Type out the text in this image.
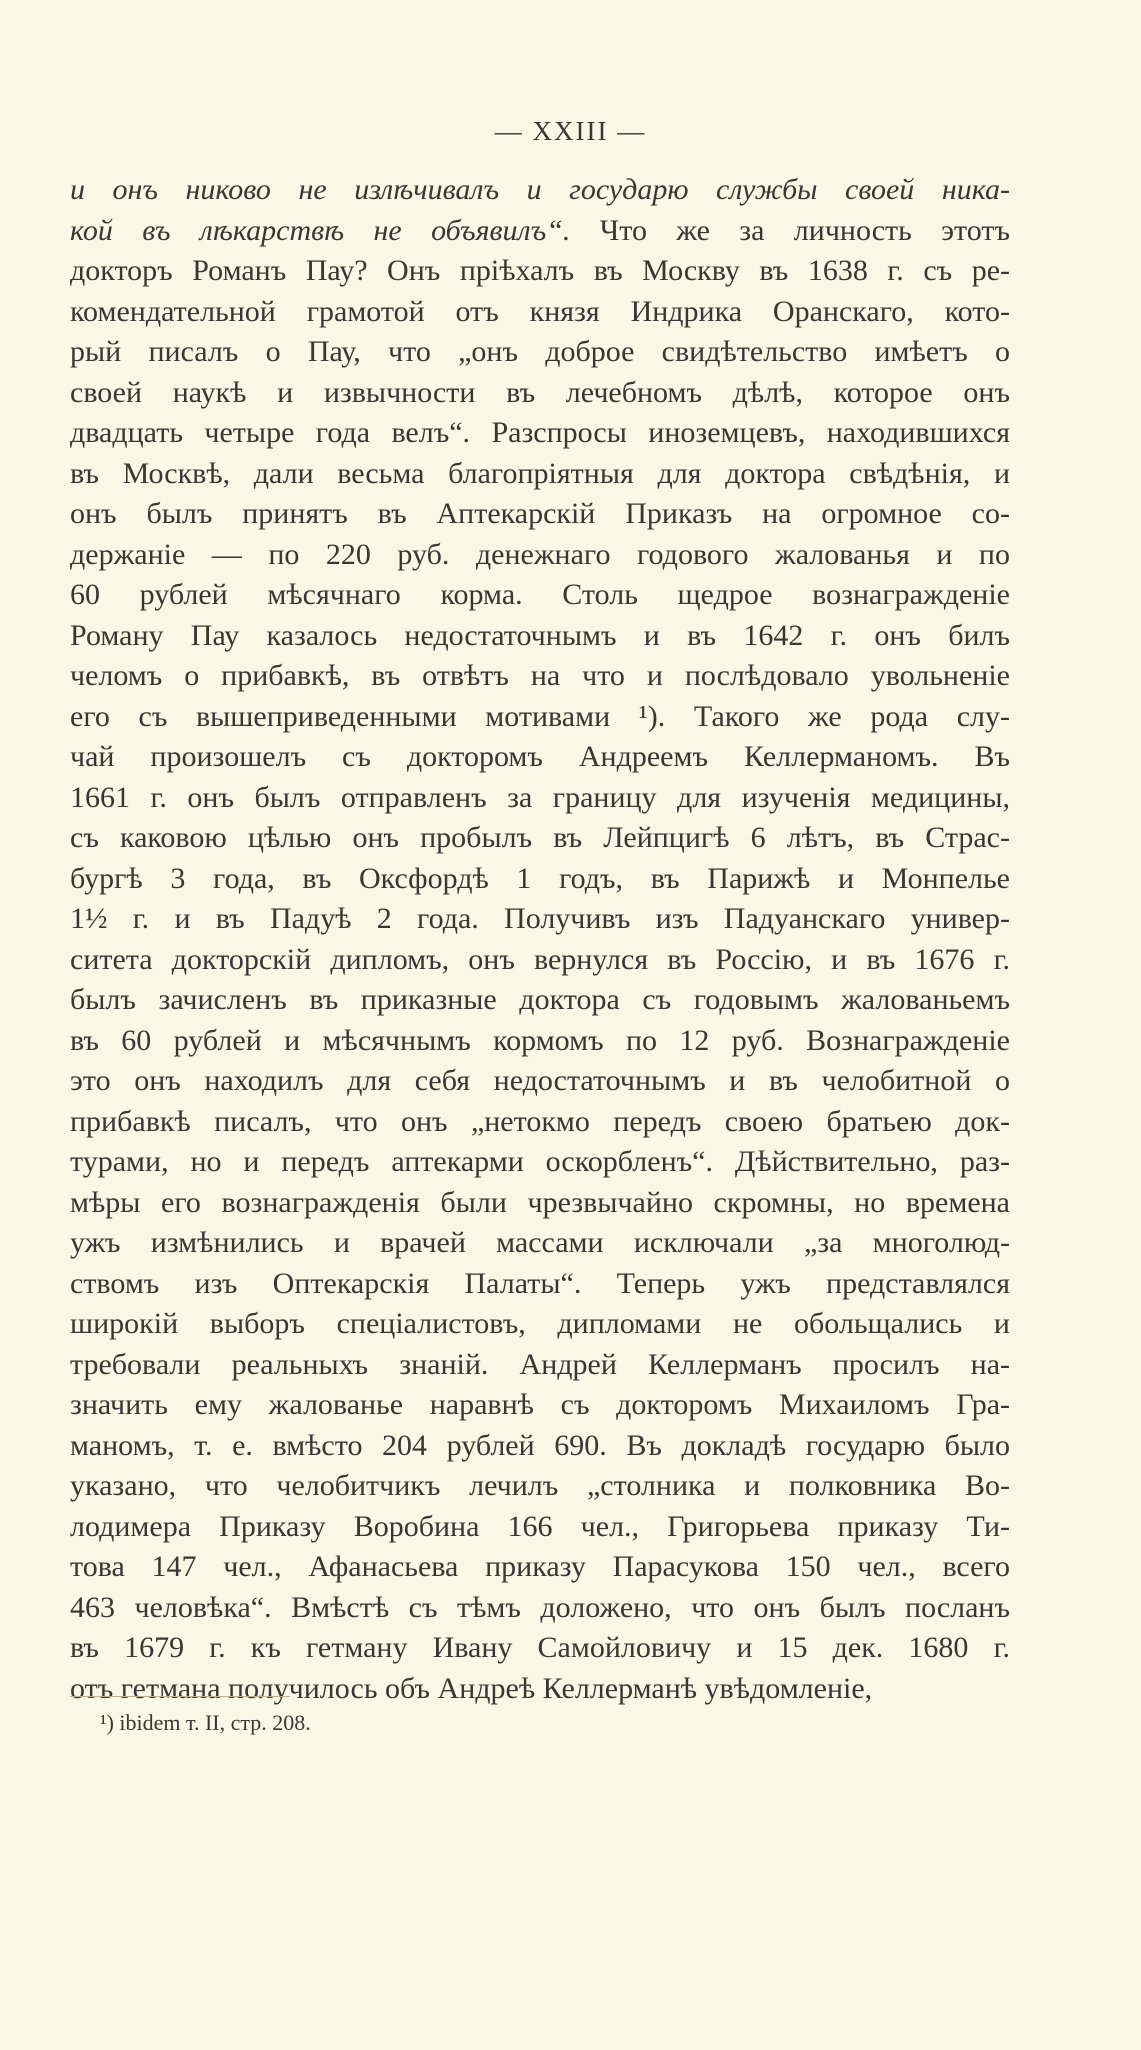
— XXIII —
и онъ никово не излѣчивалъ и государю службы своей ника-
кой въ лѣкарствѣ не объявилъ“. Что же за личность этотъ
докторъ Романъ Пау? Онъ пріѣхалъ въ Москву въ 1638 г. съ ре-
комендательной грамотой отъ князя Индрика Оранскаго, кото-
рый писалъ о Пау, что „онъ доброе свидѣтельство имѣетъ о
своей наукѣ и извычности въ лечебномъ дѣлѣ, которое онъ
двадцать четыре года велъ“. Разспросы иноземцевъ, находившихся
въ Москвѣ, дали весьма благопріятныя для доктора свѣдѣнія, и
онъ былъ принятъ въ Аптекарскій Приказъ на огромное со-
держаніе — по 220 руб. денежнаго годового жалованья и по
60 рублей мѣсячнаго корма. Столь щедрое вознагражденіе
Роману Пау казалось недостаточнымъ и въ 1642 г. онъ билъ
челомъ о прибавкѣ, въ отвѣтъ на что и послѣдовало увольненіе
его съ вышеприведенными мотивами ¹). Такого же рода слу-
чай произошелъ съ докторомъ Андреемъ Келлерманомъ. Въ
1661 г. онъ былъ отправленъ за границу для изученія медицины,
съ каковою цѣлью онъ пробылъ въ Лейпцигѣ 6 лѣтъ, въ Страс-
бургѣ 3 года, въ Оксфордѣ 1 годъ, въ Парижѣ и Монпелье
1½ г. и въ Падуѣ 2 года. Получивъ изъ Падуанскаго универ-
ситета докторскій дипломъ, онъ вернулся въ Россію, и въ 1676 г.
былъ зачисленъ въ приказные доктора съ годовымъ жалованьемъ
въ 60 рублей и мѣсячнымъ кормомъ по 12 руб. Вознагражденіе
это онъ находилъ для себя недостаточнымъ и въ челобитной о
прибавкѣ писалъ, что онъ „нетокмо передъ своею братьею док-
турами, но и передъ аптекарми оскорбленъ“. Дѣйствительно, раз-
мѣры его вознагражденія были чрезвычайно скромны, но времена
ужъ измѣнились и врачей массами исключали „за многолюд-
ствомъ изъ Оптекарскія Палаты“. Теперь ужъ представлялся
широкій выборъ спеціалистовъ, дипломами не обольщались и
требовали реальныхъ знаній. Андрей Келлерманъ просилъ на-
значить ему жалованье наравнѣ съ докторомъ Михаиломъ Гра-
маномъ, т. е. вмѣсто 204 рублей 690. Въ докладѣ государю было
указано, что челобитчикъ лечилъ „столника и полковника Во-
лодимера Приказу Воробина 166 чел., Григорьева приказу Ти-
това 147 чел., Афанасьева приказу Парасукова 150 чел., всего
463 человѣка“. Вмѣстѣ съ тѣмъ доложено, что онъ былъ посланъ
въ 1679 г. къ гетману Ивану Самойловичу и 15 дек. 1680 г.
отъ гетмана получилось объ Андреѣ Келлерманѣ увѣдомленіе,
¹) ibidem т. II, стр. 208.
